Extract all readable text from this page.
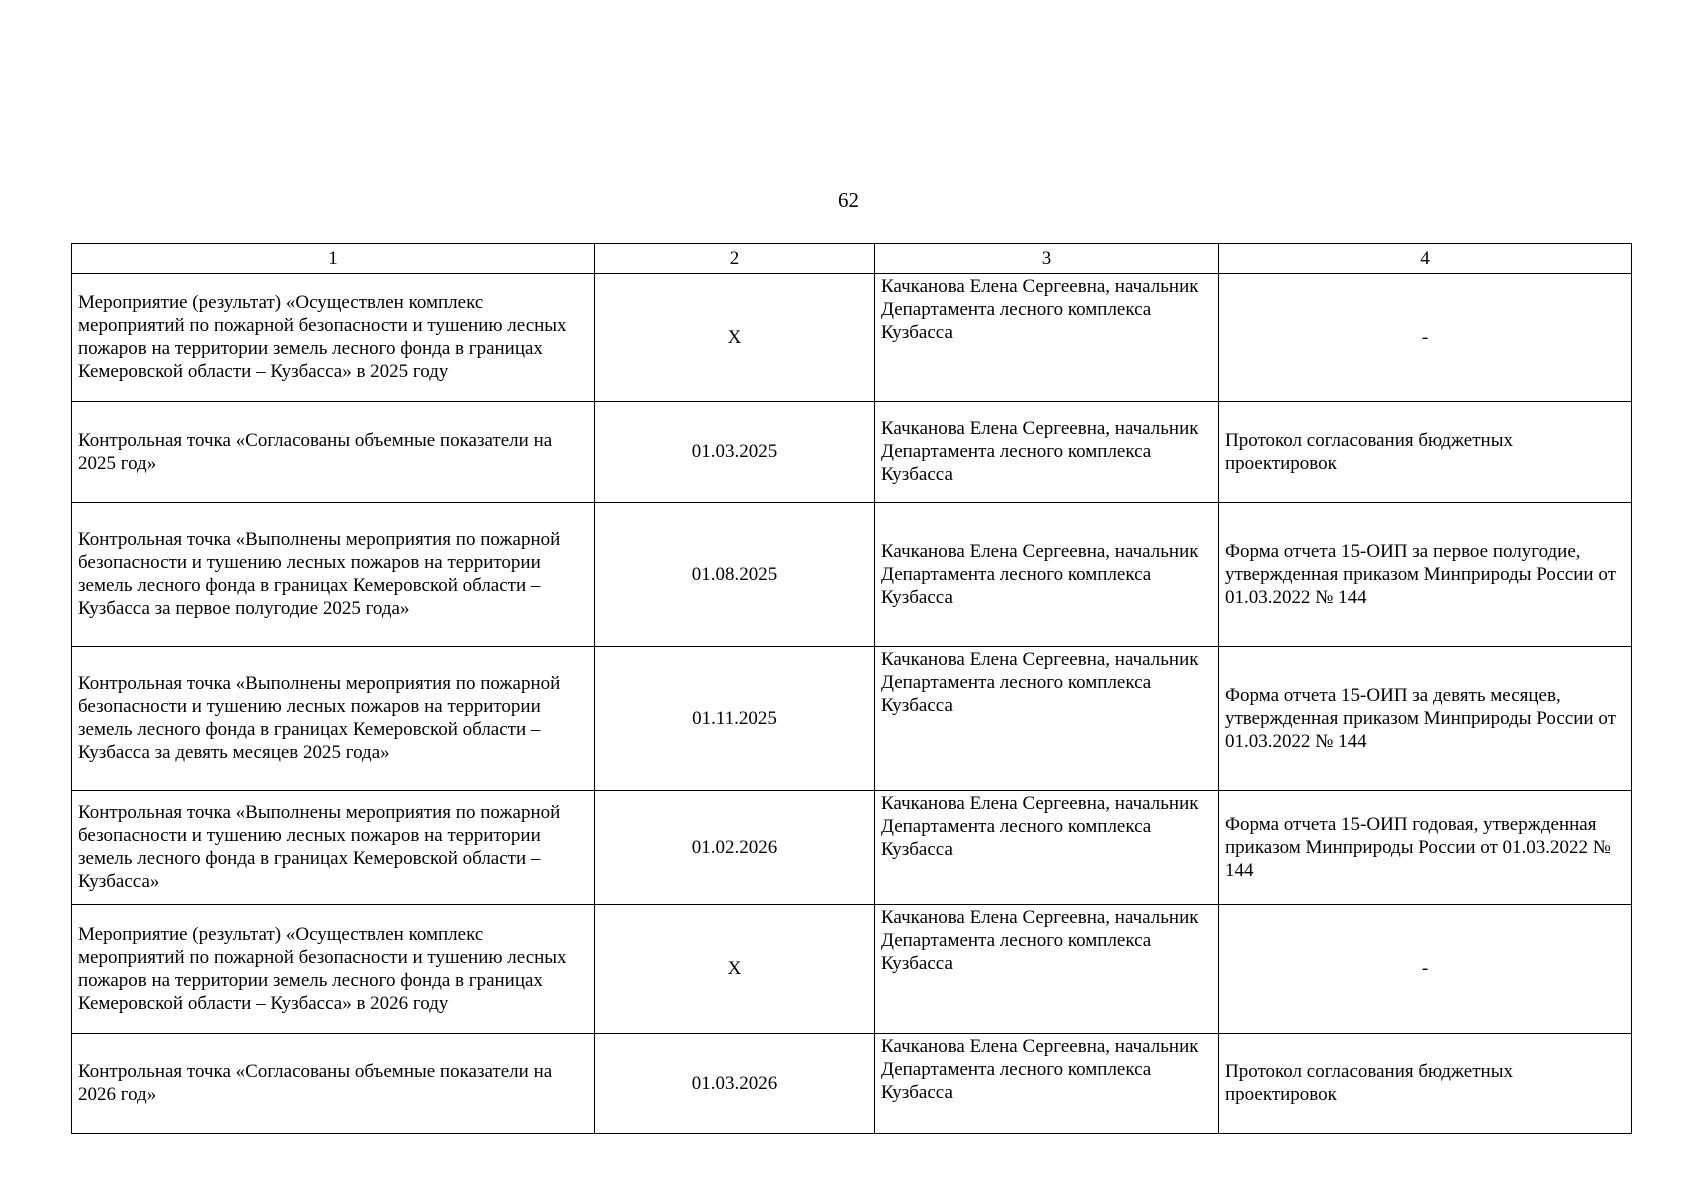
62
1	2	3	4
Мероприятие (результат) «Осуществлен комплекс мероприятий по пожарной безопасности и тушению лесных пожаров на территории земель лесного фонда в границах Кемеровской области – Кузбасса» в 2025 году	X	Качканова Елена Сергеевна, начальник Департамента лесного комплекса Кузбасса	-
Контрольная точка «Согласованы объемные показатели на 2025 год»	01.03.2025	Качканова Елена Сергеевна, начальник Департамента лесного комплекса Кузбасса	Протокол согласования бюджетных проектировок
Контрольная точка «Выполнены мероприятия по пожарной безопасности и тушению лесных пожаров на территории земель лесного фонда в границах Кемеровской области – Кузбасса за первое полугодие 2025 года»	01.08.2025	Качканова Елена Сергеевна, начальник Департамента лесного комплекса Кузбасса	Форма отчета 15-ОИП за первое полугодие, утвержденная приказом Минприроды России от 01.03.2022 № 144
Контрольная точка «Выполнены мероприятия по пожарной безопасности и тушению лесных пожаров на территории земель лесного фонда в границах Кемеровской области – Кузбасса за девять месяцев 2025 года»	01.11.2025	Качканова Елена Сергеевна, начальник Департамента лесного комплекса Кузбасса	Форма отчета 15-ОИП за девять месяцев, утвержденная приказом Минприроды России от 01.03.2022 № 144
Контрольная точка «Выполнены мероприятия по пожарной безопасности и тушению лесных пожаров на территории земель лесного фонда в границах Кемеровской области – Кузбасса»	01.02.2026	Качканова Елена Сергеевна, начальник Департамента лесного комплекса Кузбасса	Форма отчета 15-ОИП годовая, утвержденная приказом Минприроды России от 01.03.2022 № 144
Мероприятие (результат) «Осуществлен комплекс мероприятий по пожарной безопасности и тушению лесных пожаров на территории земель лесного фонда в границах Кемеровской области – Кузбасса» в 2026 году	X	Качканова Елена Сергеевна, начальник Департамента лесного комплекса Кузбасса	-
Контрольная точка «Согласованы объемные показатели на 2026 год»	01.03.2026	Качканова Елена Сергеевна, начальник Департамента лесного комплекса Кузбасса	Протокол согласования бюджетных проектировок
